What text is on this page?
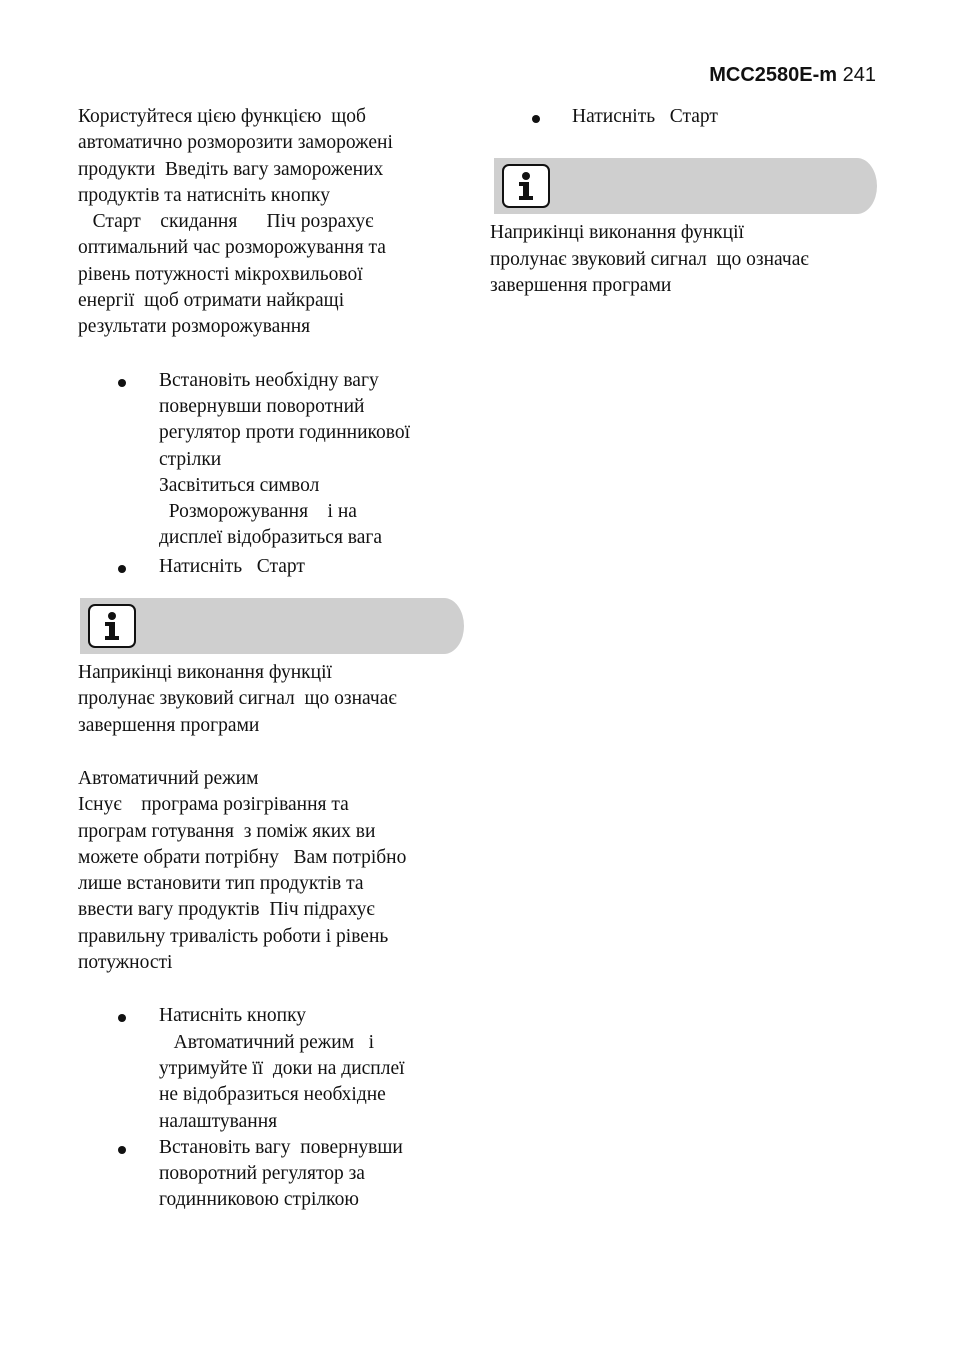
MCC2580E-m 241

Користуйтеся цією функцією  щоб
автоматично розморозити заморожені
продукти  Введіть вагу заморожених
продуктів та натисніть кнопку
Старт    скидання      Піч розрахує
оптимальний час розморожування та
рівень потужності мікрохвильової
енергії  щоб отримати найкращі
результати розморожування

Встановіть необхідну вагу
повернувши поворотний
регулятор проти годинникової
стрілки
Засвітиться символ
Розморожування    і на
дисплеї відобразиться вага
Натисніть   Старт

Наприкінці виконання функції
пролунає звуковий сигнал  що означає
завершення програми

Автоматичний режим

Існує    програма розігрівання та
програм готування  з поміж яких ви
можете обрати потрібну   Вам потрібно
лише встановити тип продуктів та
ввести вагу продуктів  Піч підрахує
правильну тривалість роботи і рівень
потужності

Натисніть кнопку
Автоматичний режим   і
утримуйте її  доки на дисплеї
не відобразиться необхідне
налаштування
Встановіть вагу  повернувши
поворотний регулятор за
годинниковою стрілкою
Натисніть   Старт

Наприкінці виконання функції
пролунає звуковий сигнал  що означає
завершення програми
